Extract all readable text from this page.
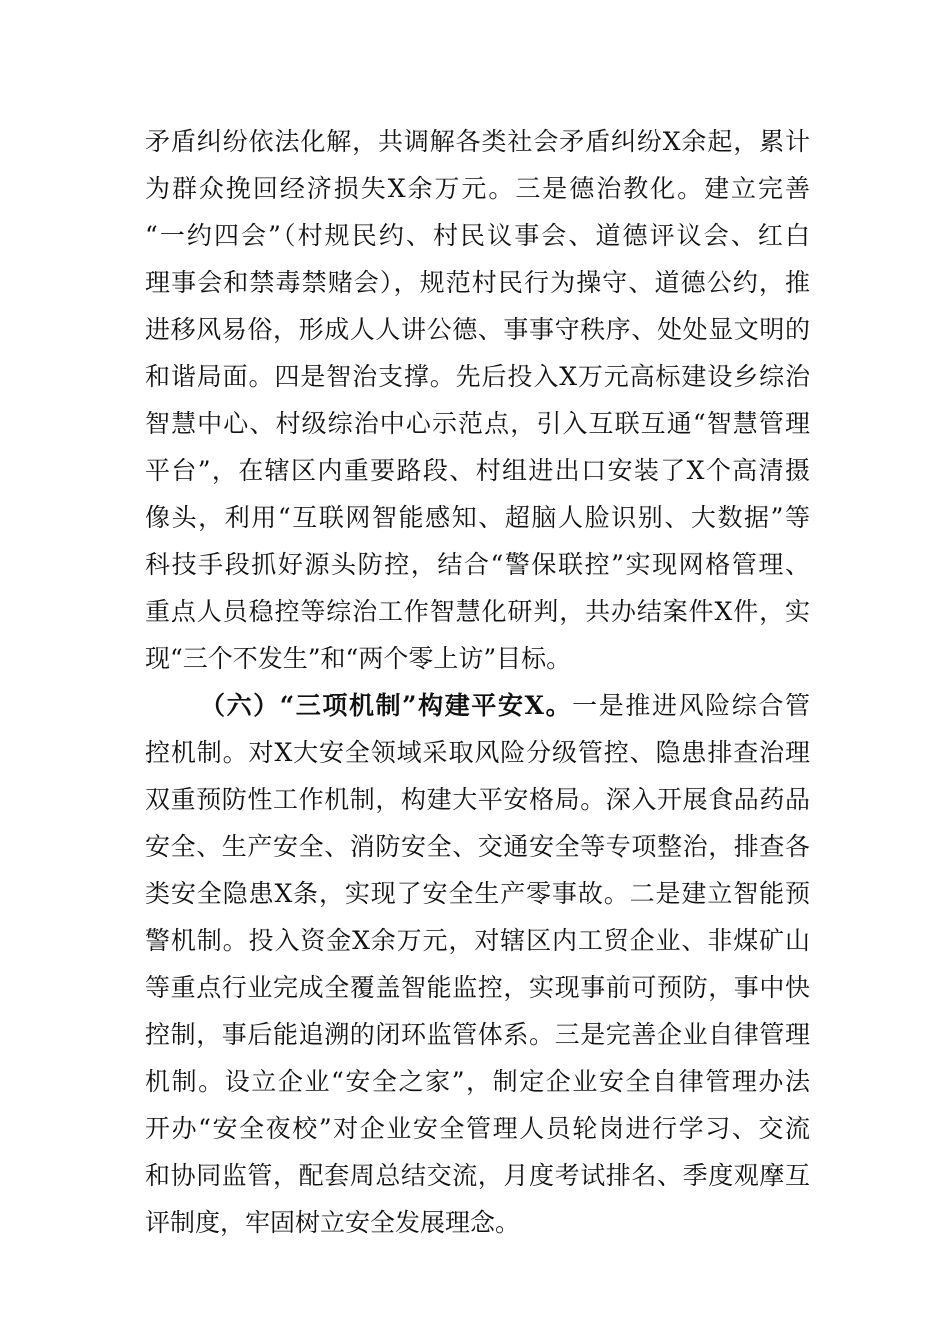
矛盾纠纷依法化解，共调解各类社会矛盾纠纷X余起，累计
为群众挽回经济损失X余万元。三是德治教化。建立完善
“一约四会”（村规民约、村民议事会、道德评议会、红白
理事会和禁毒禁赌会），规范村民行为操守、道德公约，推
进移风易俗，形成人人讲公德、事事守秩序、处处显文明的
和谐局面。四是智治支撑。先后投入X万元高标建设乡综治
智慧中心、村级综治中心示范点，引入互联互通“智慧管理
平台”，在辖区内重要路段、村组进出口安装了X个高清摄
像头，利用“互联网智能感知、超脑人脸识别、大数据”等
科技手段抓好源头防控，结合“警保联控”实现网格管理、
重点人员稳控等综治工作智慧化研判，共办结案件X件，实
现“三个不发生”和“两个零上访”目标。
（六）“三项机制”构建平安X。一是推进风险综合管
控机制。对X大安全领域采取风险分级管控、隐患排查治理
双重预防性工作机制，构建大平安格局。深入开展食品药品
安全、生产安全、消防安全、交通安全等专项整治，排查各
类安全隐患X条，实现了安全生产零事故。二是建立智能预
警机制。投入资金X余万元，对辖区内工贸企业、非煤矿山
等重点行业完成全覆盖智能监控，实现事前可预防，事中快
控制，事后能追溯的闭环监管体系。三是完善企业自律管理
机制。设立企业“安全之家”，制定企业安全自律管理办法
开办“安全夜校”对企业安全管理人员轮岗进行学习、交流
和协同监管，配套周总结交流，月度考试排名、季度观摩互
评制度，牢固树立安全发展理念。
